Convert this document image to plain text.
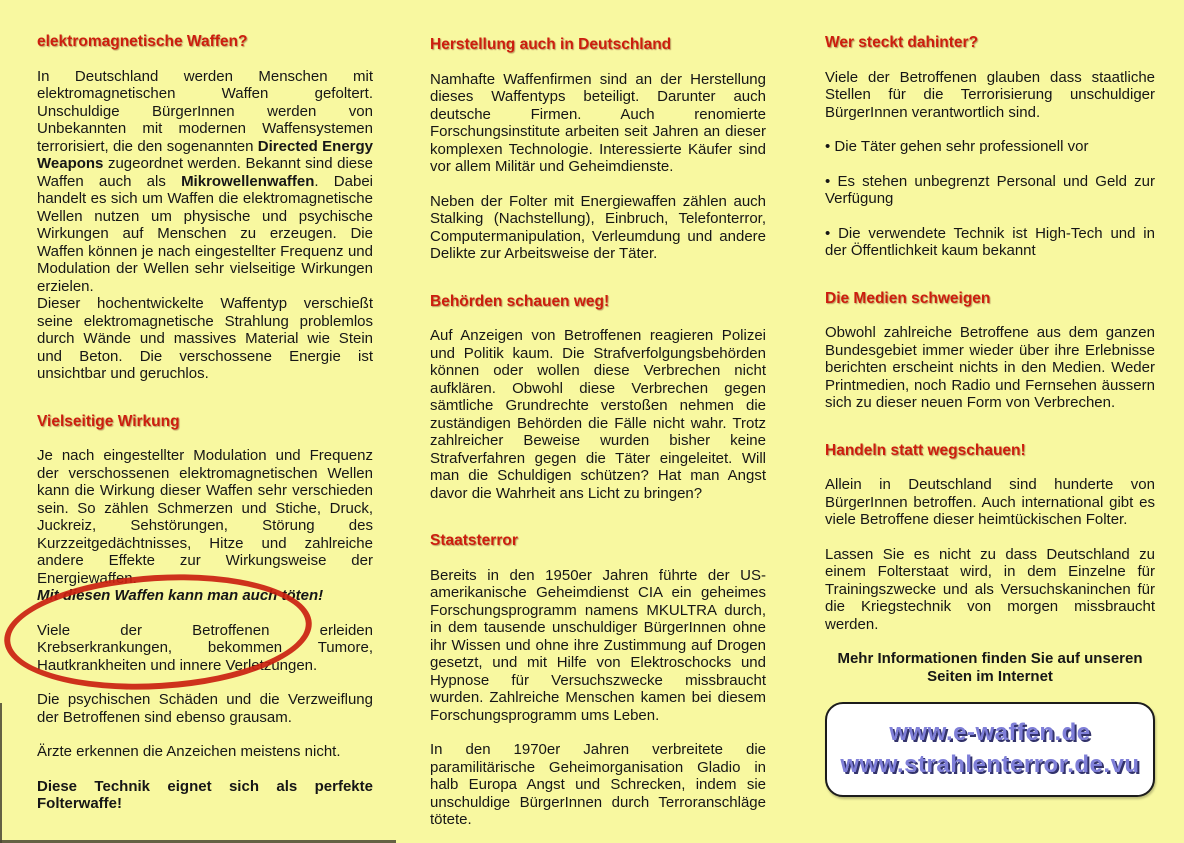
elektromagnetische Waffen?

In Deutschland werden Menschen mit elektromagnetischen Waffen gefoltert. Unschuldige BürgerInnen werden von Unbekannten mit modernen Waffensystemen terrorisiert, die den sogenannten Directed Energy Weapons zugeordnet werden. Bekannt sind diese Waffen auch als Mikrowellenwaffen. Dabei handelt es sich um Waffen die elektromagnetische Wellen nutzen um physische und psychische Wirkungen auf Menschen zu erzeugen. Die Waffen können je nach eingestellter Frequenz und Modulation der Wellen sehr vielseitige Wirkungen erzielen.

Dieser hochentwickelte Waffentyp verschießt seine elektromagnetische Strahlung problemlos durch Wände und massives Material wie Stein und Beton. Die verschossene Energie ist unsichtbar und geruchlos.

Vielseitige Wirkung

Je nach eingestellter Modulation und Frequenz der verschossenen elektromagnetischen Wellen kann die Wirkung dieser Waffen sehr verschieden sein. So zählen Schmerzen und Stiche, Druck, Juckreiz, Sehstörungen, Störung des Kurzzeitgedächtnisses, Hitze und zahlreiche andere Effekte zur Wirkungsweise der Energiewaffen.

Mit diesen Waffen kann man auch töten!

Viele der Betroffenen erleiden Krebserkrankungen, bekommen Tumore, Hautkrankheiten und innere Verletzungen.

Die psychischen Schäden und die Verzweiflung der Betroffenen sind ebenso grausam.

Ärzte erkennen die Anzeichen meistens nicht.

Diese Technik eignet sich als perfekte Folterwaffe!

Herstellung auch in Deutschland

Namhafte Waffenfirmen sind an der Herstellung dieses Waffentyps beteiligt. Darunter auch deutsche Firmen. Auch renomierte Forschungsinstitute arbeiten seit Jahren an dieser komplexen Technologie. Interessierte Käufer sind vor allem Militär und Geheimdienste.

Neben der Folter mit Energiewaffen zählen auch Stalking (Nachstellung), Einbruch, Telefonterror, Computermanipulation, Verleumdung und andere Delikte zur Arbeitsweise der Täter.

Behörden schauen weg!

Auf Anzeigen von Betroffenen reagieren Polizei und Politik kaum. Die Strafverfolgungsbehörden können oder wollen diese Verbrechen nicht aufklären. Obwohl diese Verbrechen gegen sämtliche Grundrechte verstoßen nehmen die zuständigen Behörden die Fälle nicht wahr. Trotz zahlreicher Beweise wurden bisher keine Strafverfahren gegen die Täter eingeleitet. Will man die Schuldigen schützen? Hat man Angst davor die Wahrheit ans Licht zu bringen?

Staatsterror

Bereits in den 1950er Jahren führte der US-amerikanische Geheimdienst CIA ein geheimes Forschungsprogramm namens MKULTRA durch, in dem tausende unschuldiger BürgerInnen ohne ihr Wissen und ohne ihre Zustimmung auf Drogen gesetzt, und mit Hilfe von Elektroschocks und Hypnose für Versuchszwecke missbraucht wurden. Zahlreiche Menschen kamen bei diesem Forschungsprogramm ums Leben.

In den 1970er Jahren verbreitete die paramilitärische Geheimorganisation Gladio in halb Europa Angst und Schrecken, indem sie unschuldige BürgerInnen durch Terroranschläge tötete.

Wer steckt dahinter?

Viele der Betroffenen glauben dass staatliche Stellen für die Terrorisierung unschuldiger BürgerInnen verantwortlich sind.

• Die Täter gehen sehr professionell vor

• Es stehen unbegrenzt Personal und Geld zur Verfügung

• Die verwendete Technik ist High-Tech und in der Öffentlichkeit kaum bekannt

Die Medien schweigen

Obwohl zahlreiche Betroffene aus dem ganzen Bundesgebiet immer wieder über ihre Erlebnisse berichten erscheint nichts in den Medien. Weder Printmedien, noch Radio und Fernsehen äussern sich zu dieser neuen Form von Verbrechen.

Handeln statt wegschauen!

Allein in Deutschland sind hunderte von BürgerInnen betroffen. Auch international gibt es viele Betroffene dieser heimtückischen Folter.

Lassen Sie es nicht zu dass Deutschland zu einem Folterstaat wird, in dem Einzelne für Trainingszwecke und als Versuchskaninchen für die Kriegstechnik von morgen missbraucht werden.

Mehr Informationen finden Sie auf unseren
Seiten im Internet

www.e-waffen.de
www.strahlenterror.de.vu
